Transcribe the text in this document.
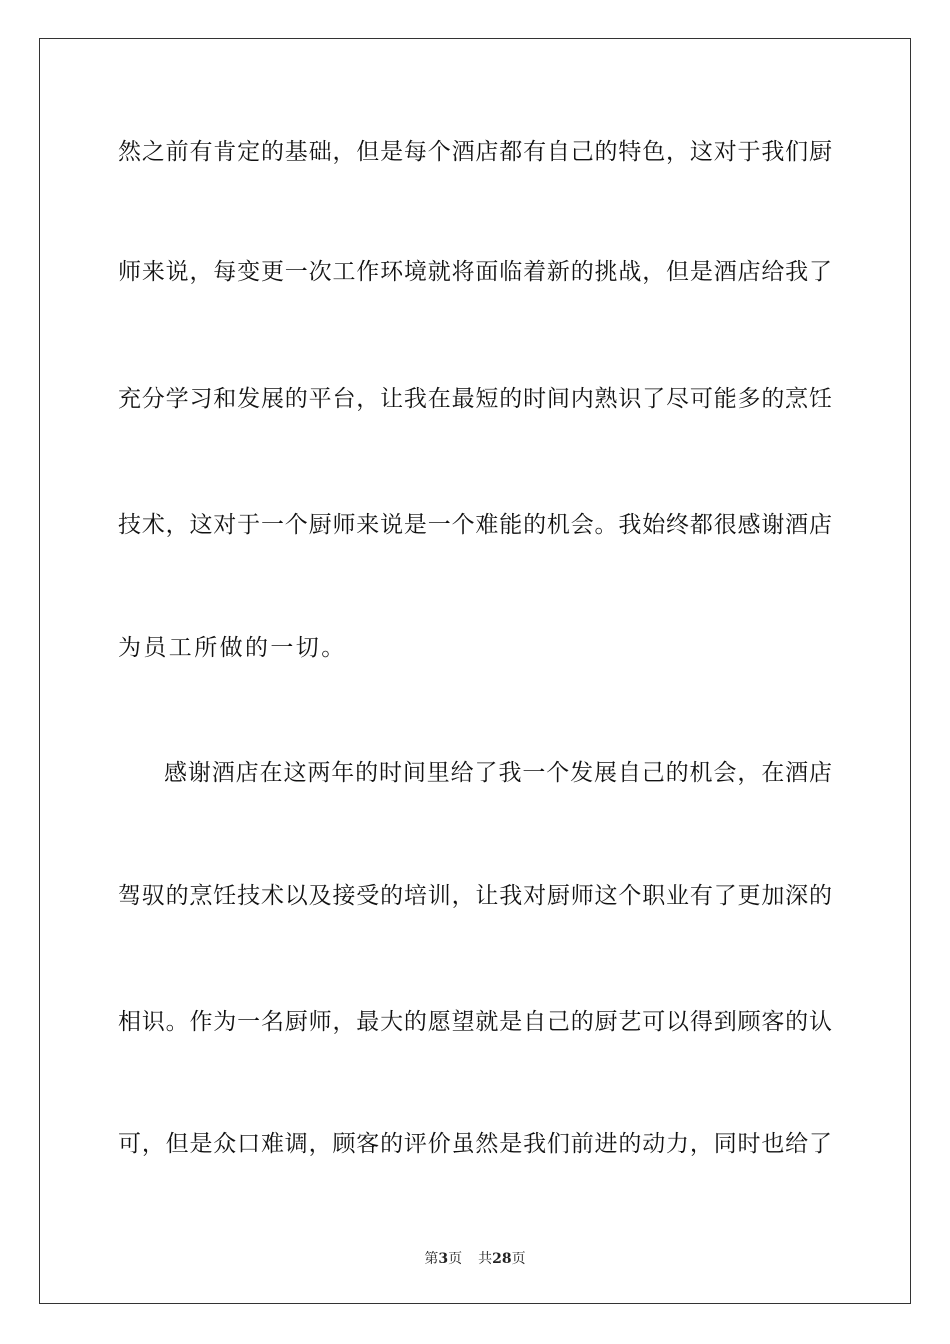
然之前有肯定的基础，但是每个酒店都有自己的特色，这对于我们厨
师来说，每变更一次工作环境就将面临着新的挑战，但是酒店给我了
充分学习和发展的平台，让我在最短的时间内熟识了尽可能多的烹饪
技术，这对于一个厨师来说是一个难能的机会。我始终都很感谢酒店
为员工所做的一切。
感谢酒店在这两年的时间里给了我一个发展自己的机会，在酒店
驾驭的烹饪技术以及接受的培训，让我对厨师这个职业有了更加深的
相识。作为一名厨师，最大的愿望就是自己的厨艺可以得到顾客的认
可，但是众口难调，顾客的评价虽然是我们前进的动力，同时也给了
第3页 共28页
